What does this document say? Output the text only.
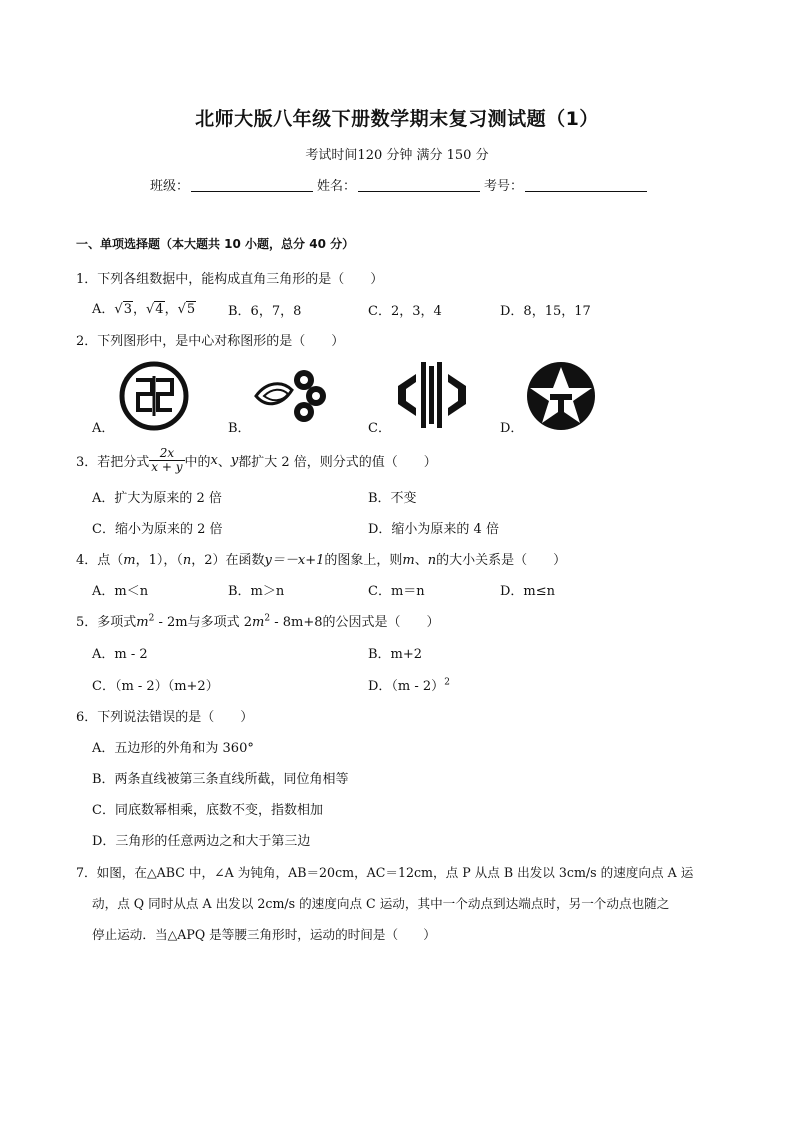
北师大版八年级下册数学期末复习测试题（1）
考试时间120 分钟 满分 150 分
班级：	姓名：	考号：
一、单项选择题（本大题共 10 小题，总分 40 分）
1．下列各组数据中，能构成直角三角形的是（　　）
A．√3，√4，√5	B．6，7，8	C．2，3，4	D．8，15，17
2．下列图形中，是中心对称图形的是（　　）
A．	B．	C．	D．
3．若把分式 $\frac{2x}{x + y}$ 中的 x 、 y 都扩大 2 倍，则分式的值（　　）
A．扩大为原来的 2 倍	B．不变
C．缩小为原来的 2 倍	D．缩小为原来的 4 倍
4．点（m，1），（n，2）在函数y＝－x+1的图象上，则m、n的大小关系是（　　）
A．m＜n	B．m＞n	C．m＝n	D．m≤n
5．多项式$m^2 - 2m$与多项式 $2m^2 - 8m+8$的公因式是（　　）
A．m - 2	B．m+2
C．（m - 2）（m+2）	D．（m - 2）$^2$
6．下列说法错误的是（　　）
A．五边形的外角和为 360°
B．两条直线被第三条直线所截，同位角相等
C．同底数幂相乘，底数不变，指数相加
D．三角形的任意两边之和大于第三边
7．如图，在△ABC 中，∠A 为钝角，AB＝20cm，AC＝12cm，点 P 从点 B 出发以 3cm/s 的速度向点 A 运
动，点 Q 同时从点 A 出发以 2cm/s 的速度向点 C 运动，其中一个动点到达端点时，另一个动点也随之
停止运动．当△APQ 是等腰三角形时，运动的时间是（　　）
